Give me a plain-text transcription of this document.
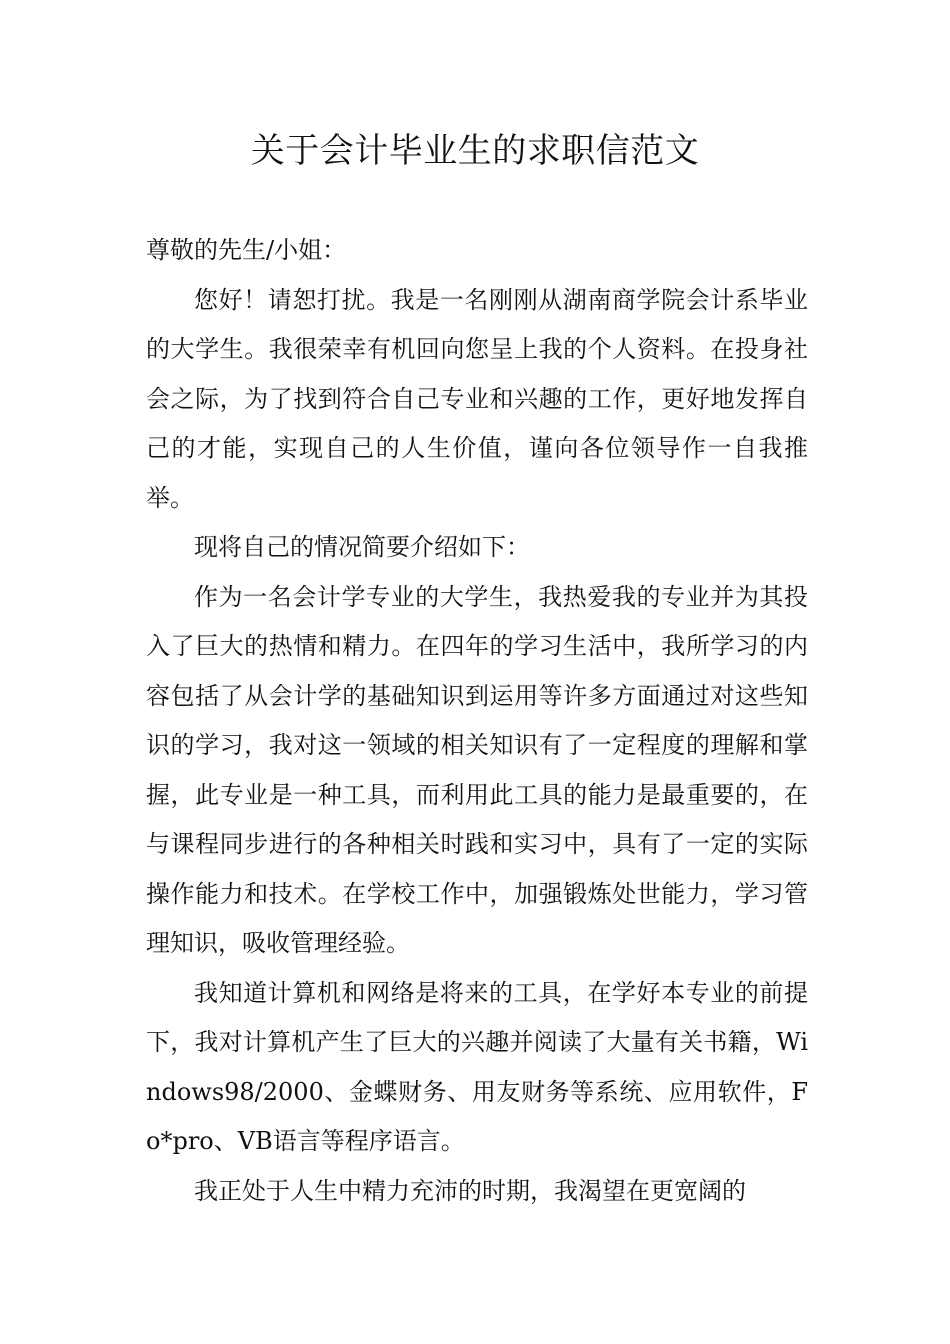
关于会计毕业生的求职信范文

尊敬的先生/小姐：

您好！请恕打扰。我是一名刚刚从湖南商学院会计系毕业的大学生。我很荣幸有机回向您呈上我的个人资料。在投身社会之际，为了找到符合自己专业和兴趣的工作，更好地发挥自己的才能，实现自己的人生价值，谨向各位领导作一自我推举。

现将自己的情况简要介绍如下：

作为一名会计学专业的大学生，我热爱我的专业并为其投入了巨大的热情和精力。在四年的学习生活中，我所学习的内容包括了从会计学的基础知识到运用等许多方面通过对这些知识的学习，我对这一领域的相关知识有了一定程度的理解和掌握，此专业是一种工具，而利用此工具的能力是最重要的，在与课程同步进行的各种相关时践和实习中，具有了一定的实际操作能力和技术。在学校工作中，加强锻炼处世能力，学习管理知识，吸收管理经验。

我知道计算机和网络是将来的工具，在学好本专业的前提下，我对计算机产生了巨大的兴趣并阅读了大量有关书籍，Windows98/2000、金蝶财务、用友财务等系统、应用软件，Fo*pro、VB语言等程序语言。

我正处于人生中精力充沛的时期，我渴望在更宽阔的
